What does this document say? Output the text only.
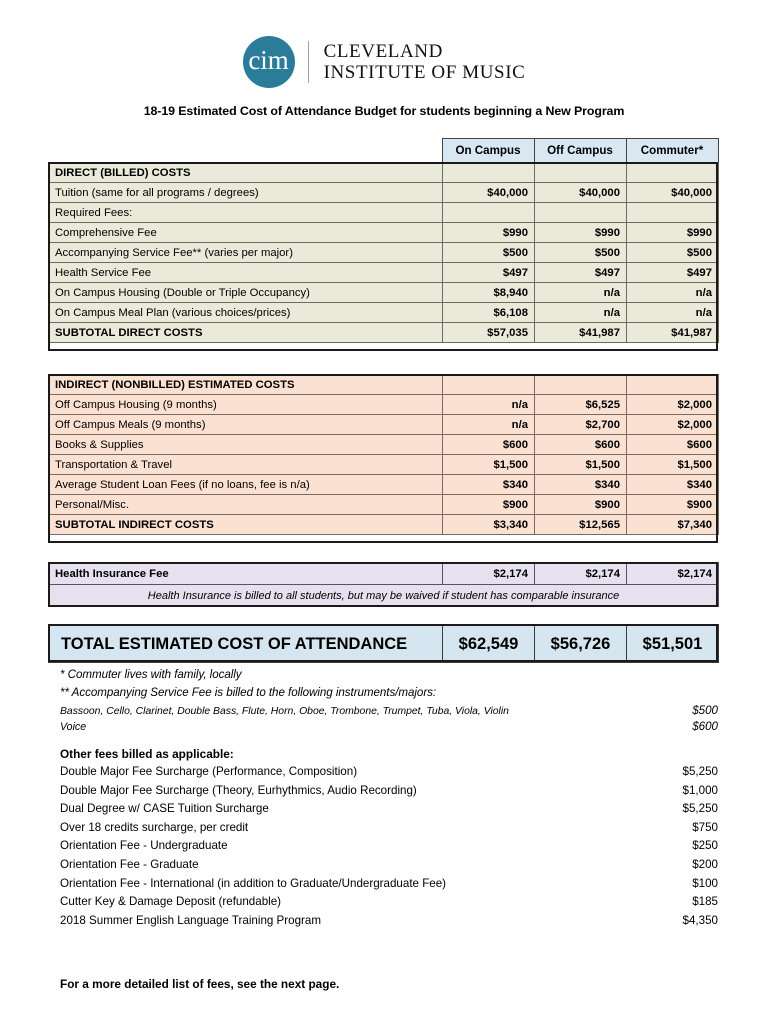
cim CLEVELAND
INSTITUTE OF MUSIC
18-19 Estimated Cost of Attendance Budget for students beginning a New Program
	On Campus	Off Campus	Commuter*
DIRECT (BILLED) COSTS			
Tuition (same for all programs / degrees)	$40,000	$40,000	$40,000
Required Fees:			
Comprehensive Fee	$990	$990	$990
Accompanying Service Fee** (varies per major)	$500	$500	$500
Health Service Fee	$497	$497	$497
On Campus Housing (Double or Triple Occupancy)	$8,940	n/a	n/a
On Campus Meal Plan (various choices/prices)	$6,108	n/a	n/a
SUBTOTAL DIRECT COSTS	$57,035	$41,987	$41,987
INDIRECT (NONBILLED) ESTIMATED COSTS			
Off Campus Housing (9 months)	n/a	$6,525	$2,000
Off Campus Meals (9 months)	n/a	$2,700	$2,000
Books & Supplies	$600	$600	$600
Transportation & Travel	$1,500	$1,500	$1,500
Average Student Loan Fees (if no loans, fee is n/a)	$340	$340	$340
Personal/Misc.	$900	$900	$900
SUBTOTAL INDIRECT COSTS	$3,340	$12,565	$7,340
Health Insurance Fee	$2,174	$2,174	$2,174
Health Insurance is billed to all students, but may be waived if student has comparable insurance
TOTAL ESTIMATED COST OF ATTENDANCE	$62,549	$56,726	$51,501
* Commuter lives with family, locally
** Accompanying Service Fee is billed to the following instruments/majors:
Bassoon, Cello, Clarinet, Double Bass, Flute, Horn, Oboe, Trombone, Trumpet, Tuba, Viola, Violin	$500
Voice	$600
Other fees billed as applicable:
Double Major Fee Surcharge (Performance, Composition)	$5,250
Double Major Fee Surcharge (Theory, Eurhythmics, Audio Recording)	$1,000
Dual Degree w/ CASE Tuition Surcharge	$5,250
Over 18 credits surcharge, per credit	$750
Orientation Fee - Undergraduate	$250
Orientation Fee - Graduate	$200
Orientation Fee - International (in addition to Graduate/Undergraduate Fee)	$100
Cutter Key & Damage Deposit (refundable)	$185
2018 Summer English Language Training Program	$4,350
For a more detailed list of fees, see the next page.
